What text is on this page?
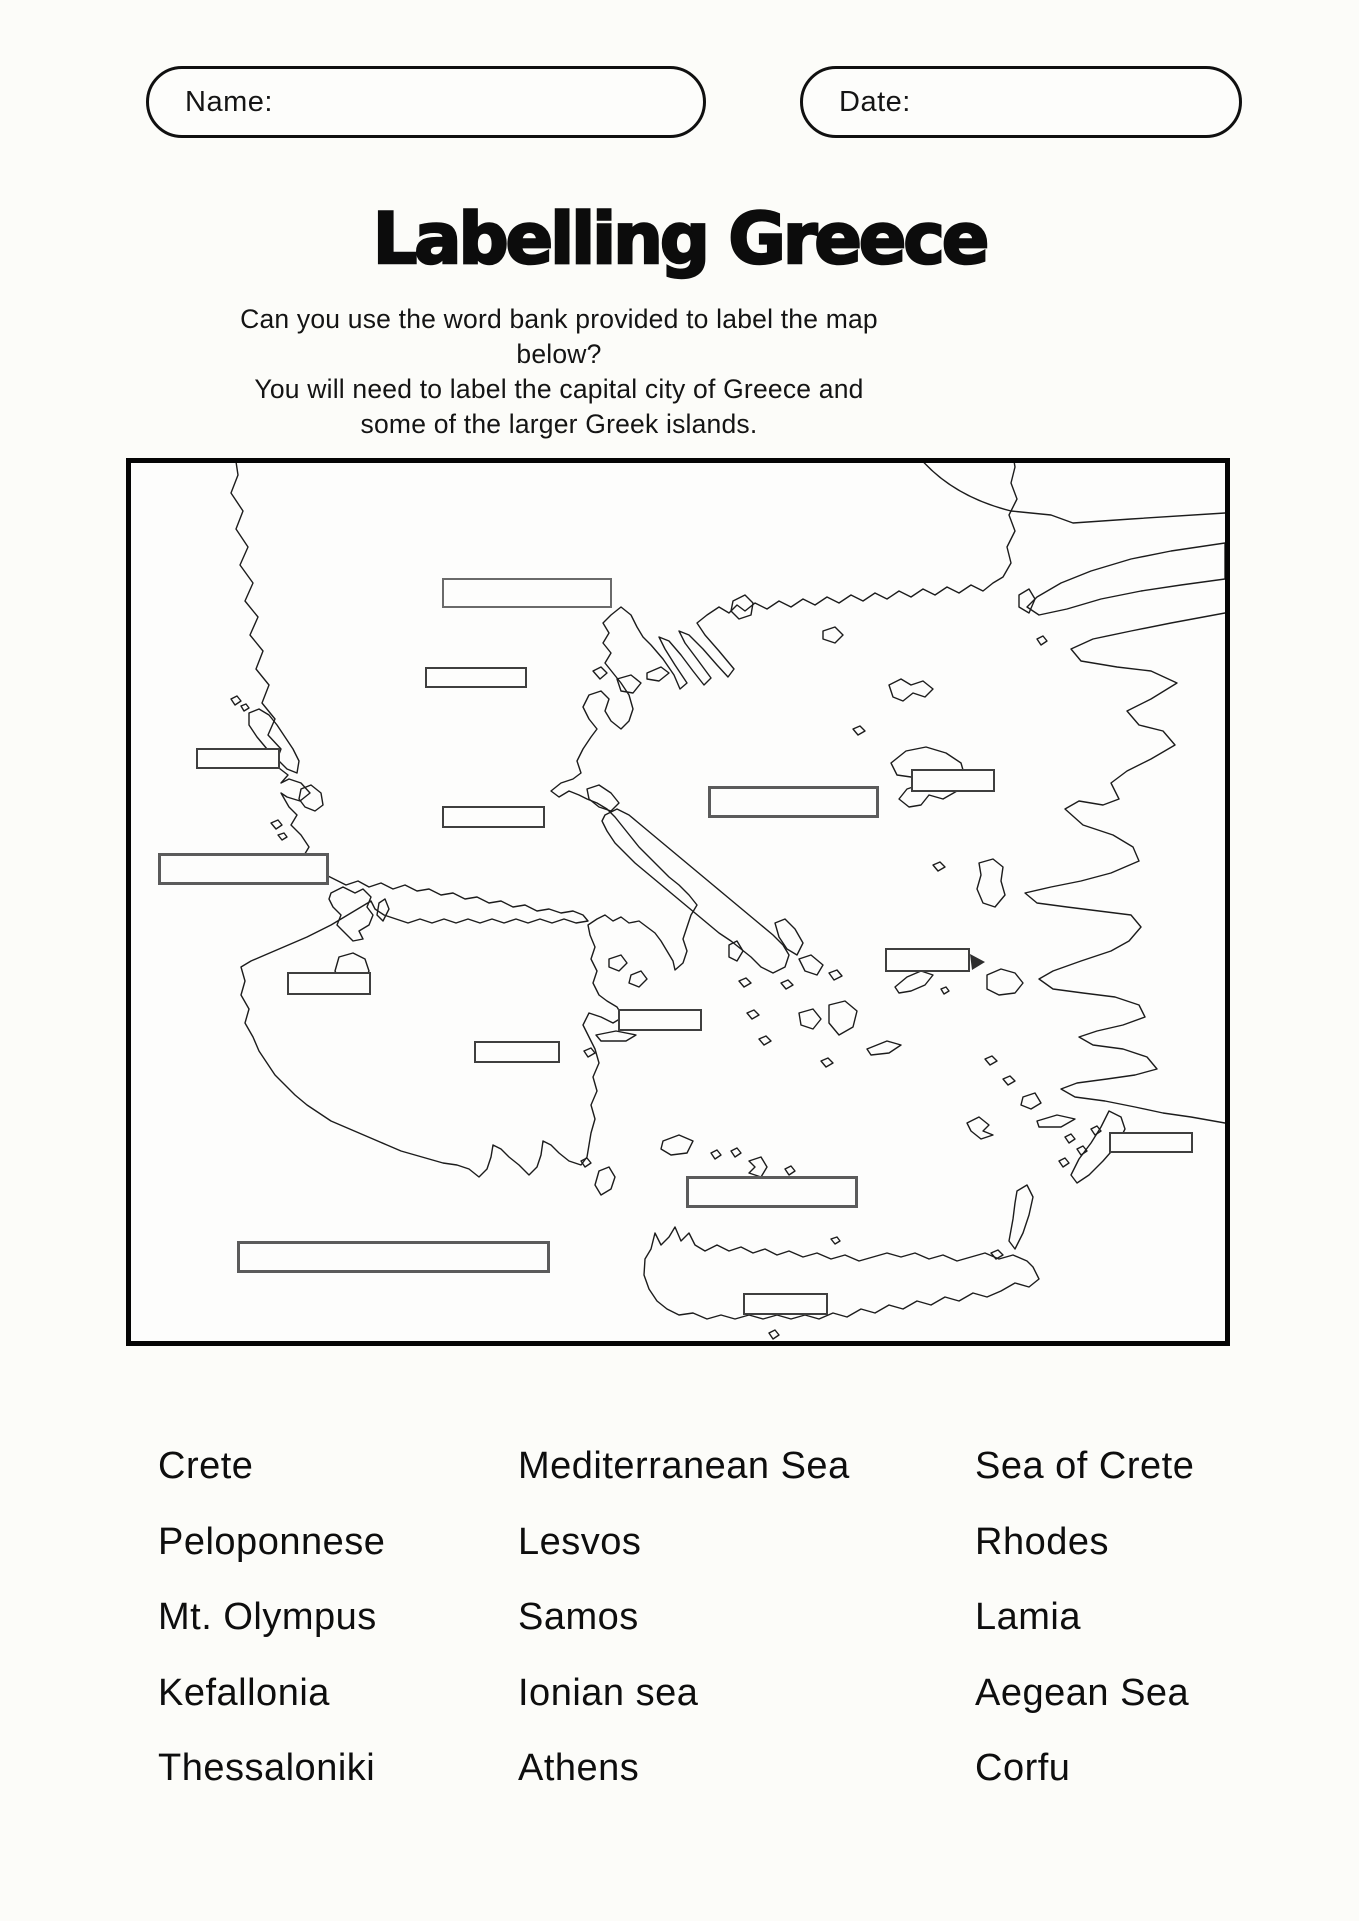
Name:	Date:
Labelling Greece
Can you use the word bank provided to label the map below?
You will need to label the capital city of Greece and
some of the larger Greek islands.
Crete
Peloponnese
Mt. Olympus
Kefallonia
Thessaloniki
Mediterranean Sea
Lesvos
Samos
Ionian sea
Athens
Sea of Crete
Rhodes
Lamia
Aegean Sea
Corfu
